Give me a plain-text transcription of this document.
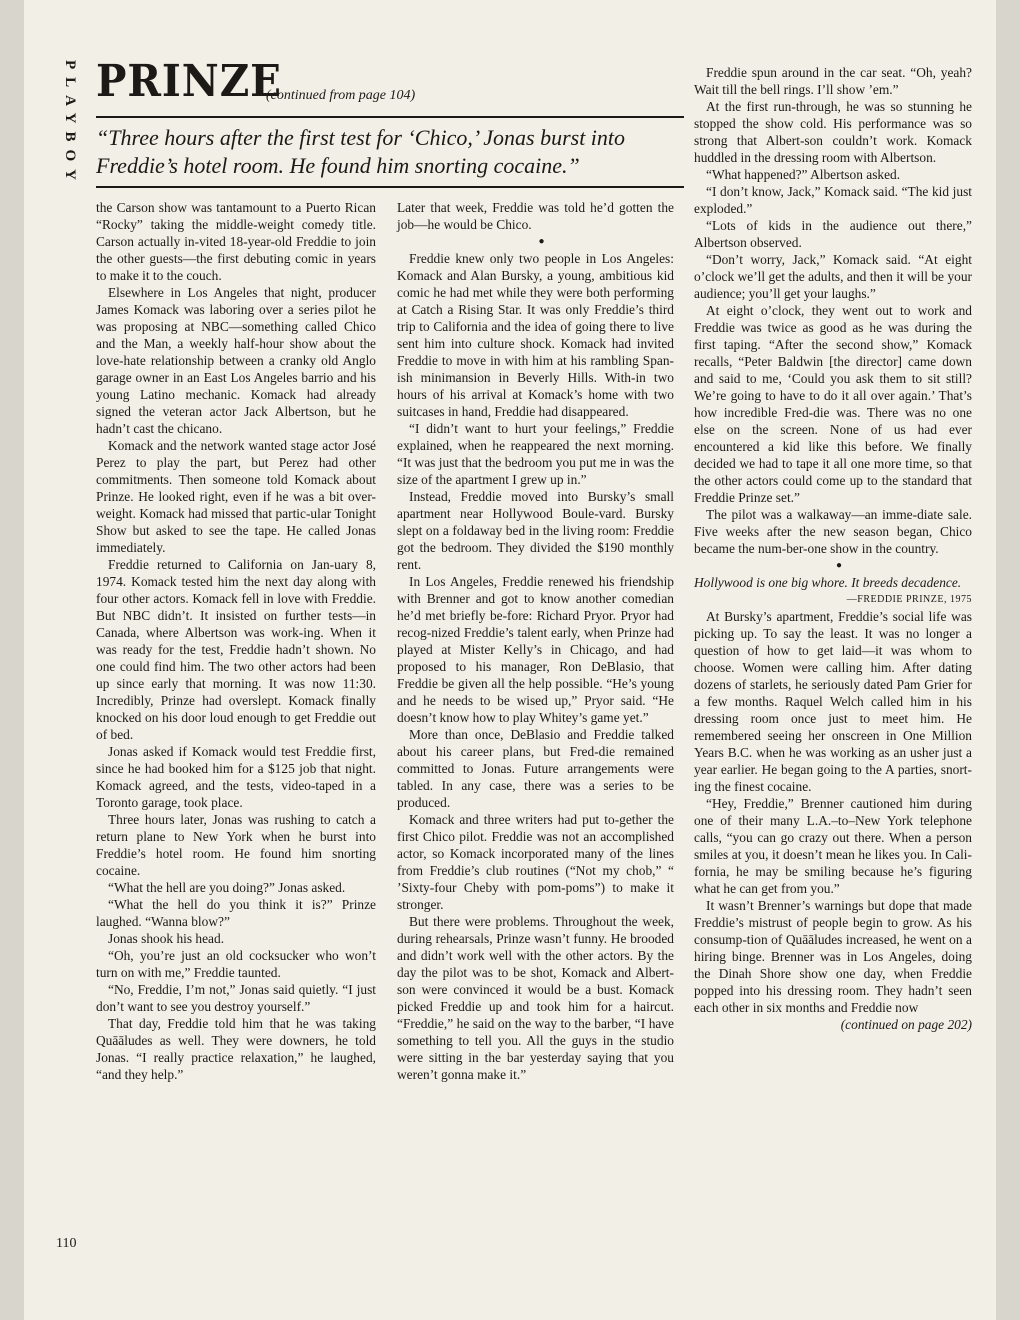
PLAYBOY PRINZE
(continued from page 104)
“Three hours after the first test for ‘Chico,’ Jonas burst into Freddie’s hotel room. He found him snorting cocaine.”

the Carson show was tantamount to a Puerto Rican “Rocky” taking the middle-weight comedy title. Carson actually in-vited 18-year-old Freddie to join the other guests—the first debuting comic in years to make it to the couch.

Elsewhere in Los Angeles that night, producer James Komack was laboring over a series pilot he was proposing at NBC—something called Chico and the Man, a weekly half-hour show about the love-hate relationship between a cranky old Anglo garage owner in an East Los Angeles barrio and his young Latino mechanic. Komack had already signed the veteran actor Jack Albertson, but he hadn’t cast the chicano.

Komack and the network wanted stage actor José Perez to play the part, but Perez had other commitments. Then someone told Komack about Prinze. He looked right, even if he was a bit over-weight. Komack had missed that partic-ular Tonight Show but asked to see the tape. He called Jonas immediately.

Freddie returned to California on Jan-uary 8, 1974. Komack tested him the next day along with four other actors. Komack fell in love with Freddie. But NBC didn’t. It insisted on further tests—in Canada, where Albertson was work-ing. When it was ready for the test, Freddie hadn’t shown. No one could find him. The two other actors had been up since early that morning. It was now 11:30. Incredibly, Prinze had overslept. Komack finally knocked on his door loud enough to get Freddie out of bed.

Jonas asked if Komack would test Freddie first, since he had booked him for a $125 job that night. Komack agreed, and the tests, video-taped in a Toronto garage, took place.

Three hours later, Jonas was rushing to catch a return plane to New York when he burst into Freddie’s hotel room. He found him snorting cocaine.

“What the hell are you doing?” Jonas asked.

“What the hell do you think it is?” Prinze laughed. “Wanna blow?”

Jonas shook his head.

“Oh, you’re just an old cocksucker who won’t turn on with me,” Freddie taunted.

“No, Freddie, I’m not,” Jonas said quietly. “I just don’t want to see you destroy yourself.”

That day, Freddie told him that he was taking Quāāludes as well. They were downers, he told Jonas. “I really practice relaxation,” he laughed, “and they help.”

Later that week, Freddie was told he’d gotten the job—he would be Chico.

●

Freddie knew only two people in Los Angeles: Komack and Alan Bursky, a young, ambitious kid comic he had met while they were both performing at Catch a Rising Star. It was only Freddie’s third trip to California and the idea of going there to live sent him into culture shock. Komack had invited Freddie to move in with him at his rambling Span-ish minimansion in Beverly Hills. With-in two hours of his arrival at Komack’s home with two suitcases in hand, Freddie had disappeared.

“I didn’t want to hurt your feelings,” Freddie explained, when he reappeared the next morning. “It was just that the bedroom you put me in was the size of the apartment I grew up in.”

Instead, Freddie moved into Bursky’s small apartment near Hollywood Boule-vard. Bursky slept on a foldaway bed in the living room: Freddie got the bedroom. They divided the $190 monthly rent.

In Los Angeles, Freddie renewed his friendship with Brenner and got to know another comedian he’d met briefly be-fore: Richard Pryor. Pryor had recog-nized Freddie’s talent early, when Prinze had played at Mister Kelly’s in Chicago, and had proposed to his manager, Ron DeBlasio, that Freddie be given all the help possible. “He’s young and he needs to be wised up,” Pryor said. “He doesn’t know how to play Whitey’s game yet.”

More than once, DeBlasio and Freddie talked about his career plans, but Fred-die remained committed to Jonas. Future arrangements were tabled. In any case, there was a series to be produced.

Komack and three writers had put to-gether the first Chico pilot. Freddie was not an accomplished actor, so Komack incorporated many of the lines from Freddie’s club routines (“Not my chob,” “ ’Sixty-four Cheby with pom-poms”) to make it stronger.

But there were problems. Throughout the week, during rehearsals, Prinze wasn’t funny. He brooded and didn’t work well with the other actors. By the day the pilot was to be shot, Komack and Albert-son were convinced it would be a bust. Komack picked Freddie up and took him for a haircut. “Freddie,” he said on the way to the barber, “I have something to tell you. All the guys in the studio were sitting in the bar yesterday saying that you weren’t gonna make it.”

Freddie spun around in the car seat. “Oh, yeah? Wait till the bell rings. I’ll show ’em.”

At the first run-through, he was so stunning he stopped the show cold. His performance was so strong that Albert-son couldn’t work. Komack huddled in the dressing room with Albertson.

“What happened?” Albertson asked.

“I don’t know, Jack,” Komack said. “The kid just exploded.”

“Lots of kids in the audience out there,” Albertson observed.

“Don’t worry, Jack,” Komack said. “At eight o’clock we’ll get the adults, and then it will be your audience; you’ll get your laughs.”

At eight o’clock, they went out to work and Freddie was twice as good as he was during the first taping. “After the second show,” Komack recalls, “Peter Baldwin [the director] came down and said to me, ‘Could you ask them to sit still? We’re going to have to do it all over again.’ That’s how incredible Fred-die was. There was no one else on the screen. None of us had ever encountered a kid like this before. We finally decided we had to tape it all one more time, so that the other actors could come up to the standard that Freddie Prinze set.”

The pilot was a walkaway—an imme-diate sale. Five weeks after the new season began, Chico became the num-ber-one show in the country.

●

Hollywood is one big whore. It breeds decadence.

—FREDDIE PRINZE, 1975

At Bursky’s apartment, Freddie’s social life was picking up. To say the least. It was no longer a question of how to get laid—it was whom to choose. Women were calling him. After dating dozens of starlets, he seriously dated Pam Grier for a few months. Raquel Welch called him in his dressing room once just to meet him. He remembered seeing her onscreen in One Million Years B.C. when he was working as an usher just a year earlier. He began going to the A parties, snort-ing the finest cocaine.

“Hey, Freddie,” Brenner cautioned him during one of their many L.A.–to–New York telephone calls, “you can go crazy out there. When a person smiles at you, it doesn’t mean he likes you. In Cali-fornia, he may be smiling because he’s figuring what he can get from you.”

It wasn’t Brenner’s warnings but dope that made Freddie’s mistrust of people begin to grow. As his consump-tion of Quāāludes increased, he went on a hiring binge. Brenner was in Los Angeles, doing the Dinah Shore show one day, when Freddie popped into his dressing room. They hadn’t seen each other in six months and Freddie now

(continued on page 202)

110
